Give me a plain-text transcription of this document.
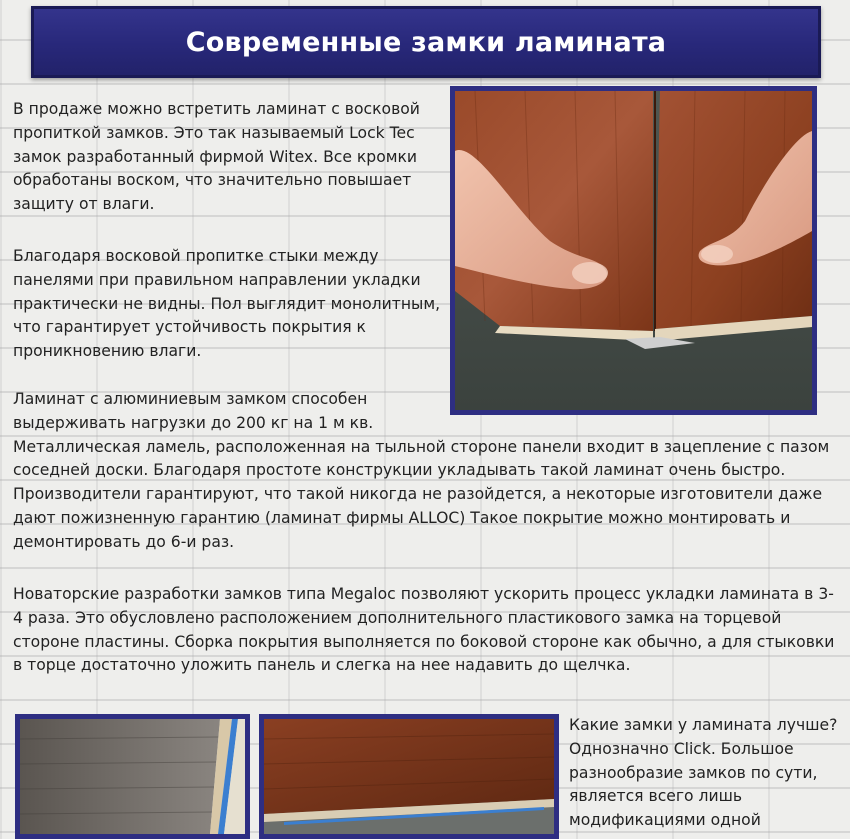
Современные замки ламината

В продаже можно встретить ламинат с восковой пропиткой замков. Это так называемый Lock Tec замок разработанный фирмой Witex. Все кромки обработаны воском, что значительно повышает защиту от влаги.

Благодаря восковой пропитке стыки между панелями при правильном направлении укладки практически не видны. Пол выглядит монолитным, что гарантирует устойчивость покрытия к проникновению влаги.

Ламинат с алюминиевым замком способен
выдерживать нагрузки до 200 кг на 1 м кв.
Металлическая ламель, расположенная на тыльной стороне панели входит в зацепление с пазом соседней доски. Благодаря простоте конструкции укладывать такой ламинат очень быстро. Производители гарантируют, что такой никогда не разойдется, а некоторые изготовители даже дают пожизненную гарантию (ламинат фирмы ALLOC) Такое покрытие можно монтировать и демонтировать до 6-и раз.

Новаторские разработки замков типа Megaloc позволяют ускорить процесс укладки ламината в 3-4 раза. Это обусловлено расположением дополнительного пластикового замка на торцевой стороне пластины. Сборка покрытия выполняется по боковой стороне как обычно, а для стыковки в торце достаточно уложить панель и слегка на нее надавить до щелчка.

Какие замки у ламината лучше? Однозначно Click. Большое разнообразие замков по сути, является всего лишь модификациями одной
